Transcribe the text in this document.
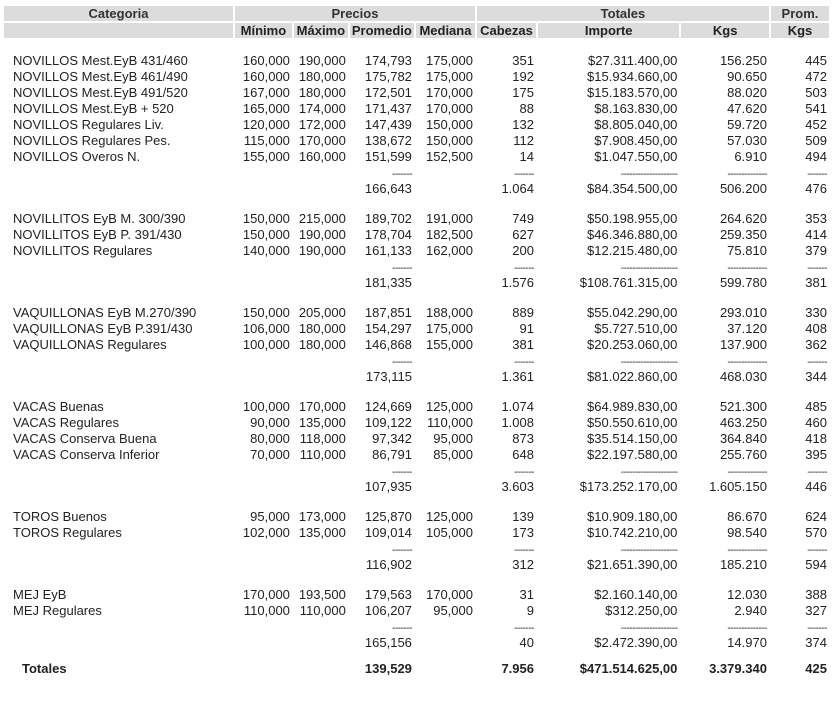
Categoria	Precios				Totales			Prom.
	Mínimo	Máximo	Promedio	Mediana	Cabezas	Importe	Kgs	Kgs

NOVILLOS Mest.EyB 431/460	160,000	190,000	174,793	175,000	351	$27.311.400,00	156.250	445
NOVILLOS Mest.EyB 461/490	160,000	180,000	175,782	175,000	192	$15.934.660,00	90.650	472
NOVILLOS Mest.EyB 491/520	167,000	180,000	172,501	170,000	175	$15.183.570,00	88.020	503
NOVILLOS Mest.EyB + 520	165,000	174,000	171,437	170,000	88	$8.163.830,00	47.620	541
NOVILLOS Regulares Liv.	120,000	172,000	147,439	150,000	132	$8.805.040,00	59.720	452
NOVILLOS Regulares Pes.	115,000	170,000	138,672	150,000	112	$7.908.450,00	57.030	509
NOVILLOS Overos N.	155,000	160,000	151,599	152,500	14	$1.047.550,00	6.910	494
			-------		-------	--------------------	--------------	-------
			166,643		1.064	$84.354.500,00	506.200	476

NOVILLITOS EyB M. 300/390	150,000	215,000	189,702	191,000	749	$50.198.955,00	264.620	353
NOVILLITOS EyB P. 391/430	150,000	190,000	178,704	182,500	627	$46.346.880,00	259.350	414
NOVILLITOS Regulares	140,000	190,000	161,133	162,000	200	$12.215.480,00	75.810	379
			-------		-------	--------------------	--------------	-------
			181,335		1.576	$108.761.315,00	599.780	381

VAQUILLONAS EyB M.270/390	150,000	205,000	187,851	188,000	889	$55.042.290,00	293.010	330
VAQUILLONAS EyB P.391/430	106,000	180,000	154,297	175,000	91	$5.727.510,00	37.120	408
VAQUILLONAS Regulares	100,000	180,000	146,868	155,000	381	$20.253.060,00	137.900	362
			-------		-------	--------------------	--------------	-------
			173,115		1.361	$81.022.860,00	468.030	344

VACAS Buenas	100,000	170,000	124,669	125,000	1.074	$64.989.830,00	521.300	485
VACAS Regulares	90,000	135,000	109,122	110,000	1.008	$50.550.610,00	463.250	460
VACAS Conserva Buena	80,000	118,000	97,342	95,000	873	$35.514.150,00	364.840	418
VACAS Conserva Inferior	70,000	110,000	86,791	85,000	648	$22.197.580,00	255.760	395
			-------		-------	--------------------	--------------	-------
			107,935		3.603	$173.252.170,00	1.605.150	446

TOROS Buenos	95,000	173,000	125,870	125,000	139	$10.909.180,00	86.670	624
TOROS Regulares	102,000	135,000	109,014	105,000	173	$10.742.210,00	98.540	570
			-------		-------	--------------------	--------------	-------
			116,902		312	$21.651.390,00	185.210	594

MEJ EyB	170,000	193,500	179,563	170,000	31	$2.160.140,00	12.030	388
MEJ Regulares	110,000	110,000	106,207	95,000	9	$312.250,00	2.940	327
			-------		-------	--------------------	--------------	-------
			165,156		40	$2.472.390,00	14.970	374

Totales			139,529		7.956	$471.514.625,00	3.379.340	425
